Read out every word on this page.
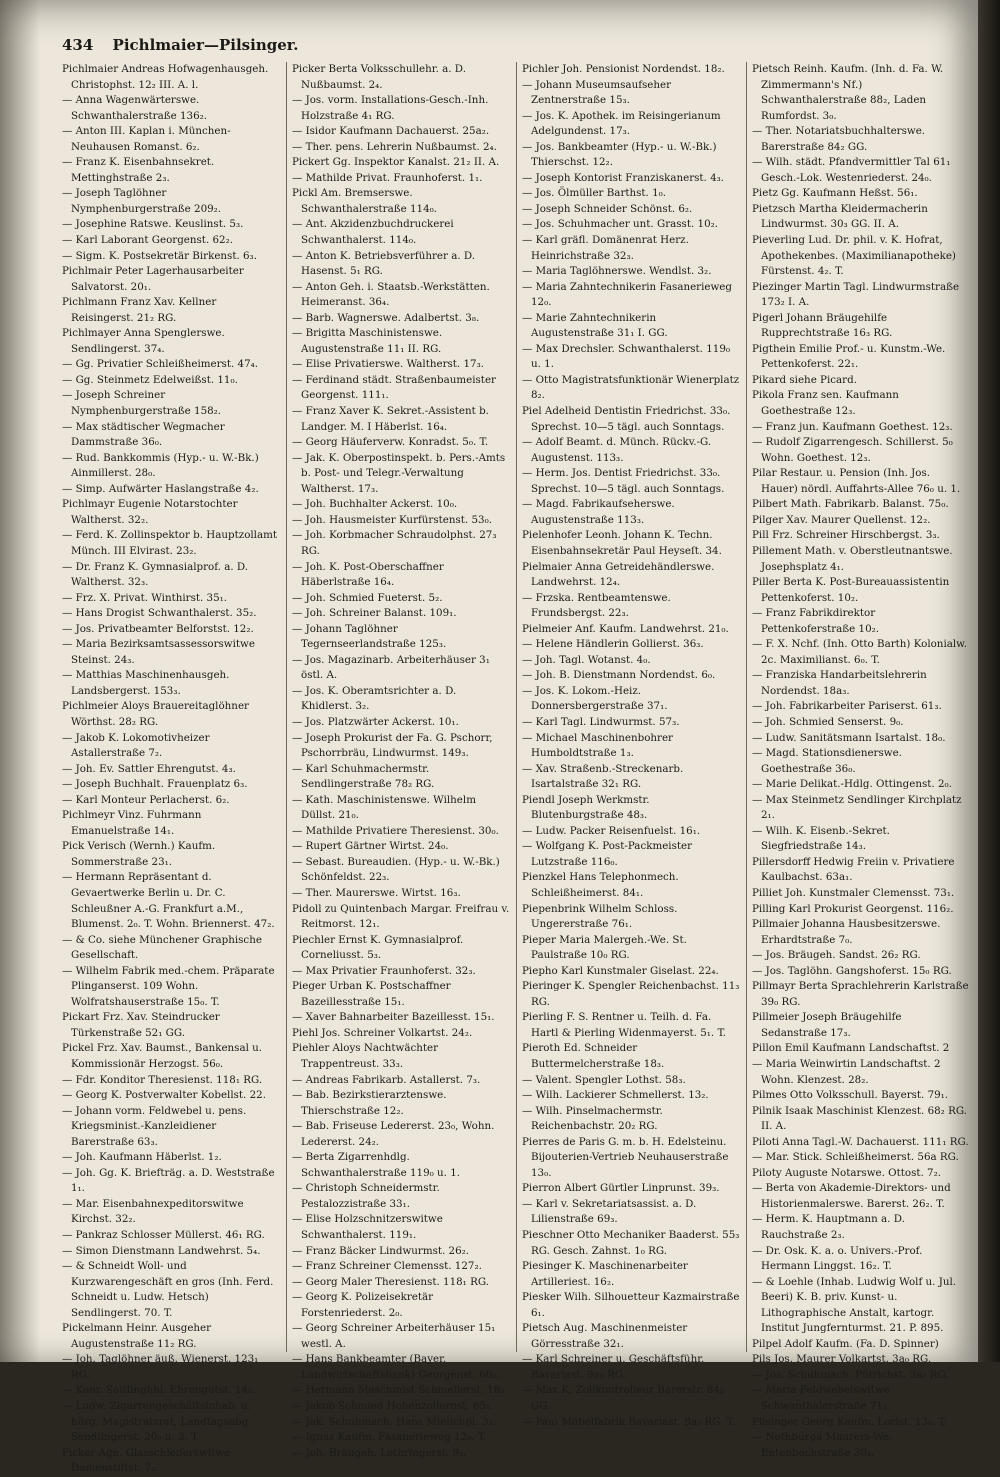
434 Pichlmaier—Pilsinger.

Pichlmaier Andreas Hofwagenhausgeh. Christophst. 12₂ III. A. l.

— Anna Wagenwärterswe. Schwanthalerstraße 136₂.

— Anton III. Kaplan i. München-Neuhausen Romanst. 6₂.

— Franz K. Eisenbahnsekret. Mettinghstraße 2₃.

— Joseph Taglöhner Nymphenburgerstraße 209₂.

— Josephine Ratswe. Keuslinst. 5₃.

— Karl Laborant Georgenst. 62₂.

— Sigm. K. Postsekretär Birkenst. 6₃.

Pichlmair Peter Lagerhausarbeiter Salvatorst. 20₁.

Pichlmann Franz Xav. Kellner Reisingerst. 21₂ RG.

Pichlmayer Anna Spenglerswe. Sendlingerst. 37₄.

— Gg. Privatier Schleißheimerst. 47₄.

— Gg. Steinmetz Edelweißst. 11₀.

— Joseph Schreiner Nymphenburgerstraße 158₂.

— Max städtischer Wegmacher Dammstraße 36₀.

— Rud. Bankkommis (Hyp.- u. W.-Bk.) Ainmillerst. 28₀.

— Simp. Aufwärter Haslangstraße 4₂.

Pichlmayr Eugenie Notarstochter Waltherst. 32₂.

— Ferd. K. Zollinspektor b. Hauptzollamt Münch. III Elvirast. 23₂.

— Dr. Franz K. Gymnasialprof. a. D. Waltherst. 32₃.

— Frz. X. Privat. Winthirst. 35₁.

— Hans Drogist Schwanthalerst. 35₂.

— Jos. Privatbeamter Belforstst. 12₂.

— Maria Bezirksamtsassessorswitwe Steinst. 24₃.

— Matthias Maschinenhausgeh. Landsbergerst. 153₃.

Pichlmeier Aloys Brauereitaglöhner Wörthst. 28₂ RG.

— Jakob K. Lokomotivheizer Astallerstraße 7₂.

— Joh. Ev. Sattler Ehrengutst. 4₃.

— Joseph Buchhalt. Frauenplatz 6₃.

— Karl Monteur Perlacherst. 6₂.

Pichlmeyr Vinz. Fuhrmann Emanuelstraße 14₁.

Pick Verisch (Wernh.) Kaufm. Sommerstraße 23₁.

— Hermann Repräsentant d. Gevaertwerke Berlin u. Dr. C. Schleußner A.-G. Frankfurt a.M., Blumenst. 2₀. T. Wohn. Briennerst. 47₂.

— & Co. siehe Münchener Graphische Gesellschaft.

— Wilhelm Fabrik med.-chem. Präparate Plinganserst. 109 Wohn. Wolfratshauserstraße 15₀. T.

Pickart Frz. Xav. Steindrucker Türkenstraße 52₁ GG.

Pickel Frz. Xav. Baumst., Bankensal u. Kommissionär Herzogst. 56₀.

— Fdr. Konditor Theresienst. 118₁ RG.

— Georg K. Postverwalter Kobellst. 22.

— Johann vorm. Feldwebel u. pens. Kriegsminist.-Kanzleidiener Barerstraße 63₃.

— Joh. Kaufmann Häberlst. 1₂.

— Joh. Gg. K. Briefträg. a. D. Weststraße 1₁.

— Mar. Eisenbahnexpeditorswitwe Kirchst. 32₂.

— Pankraz Schlosser Müllerst. 46₁ RG.

— Simon Dienstmann Landwehrst. 5₄.

— & Schneidt Woll- und Kurzwarengeschäft en gros (Inh. Ferd. Schneidt u. Ludw. Hetsch) Sendlingerst. 70. T.

Pickelmann Heinr. Ausgeher Augustenstraße 11₂ RG.

— Joh. Taglöhner äuß. Wienerst. 123₁ RG.

— Konr. Saitlinghbl. Ehrengutst. 14₂.

— Ludw. Zigarrengeschäftsinhab. u. bürg. Magistratsrat, Landtagsabg. Sendlingerst. 20₀ u. 3. T.

Picker Agn. Glasschleiferswitwe Damenstiftst. 7₃.

Picker Berta Volksschullehr. a. D. Nußbaumst. 2₄.

— Jos. vorm. Installations-Gesch.-Inh. Holzstraße 4₁ RG.

— Isidor Kaufmann Dachauerst. 25a₂.

— Ther. pens. Lehrerin Nußbaumst. 2₄.

Pickert Gg. Inspektor Kanalst. 21₂ II. A.

— Mathilde Privat. Fraunhoferst. 1₁.

Pickl Am. Bremserswe. Schwanthalerstraße 114₀.

— Ant. Akzidenzbuchdruckerei Schwanthalerst. 114₀.

— Anton K. Betriebsverführer a. D. Hasenst. 5₁ RG.

— Anton Geh. i. Staatsb.-Werkstätten. Heimeranst. 36₄.

— Barb. Wagnerswe. Adalbertst. 3₈.

— Brigitta Maschinistenswe. Augustenstraße 11₁ II. RG.

— Elise Privatierswe. Waltherst. 17₃.

— Ferdinand städt. Straßenbaumeister Georgenst. 111₁.

— Franz Xaver K. Sekret.-Assistent b. Landger. M. I Häberlst. 16₄.

— Georg Häuferverw. Konradst. 5₀. T.

— Jak. K. Oberpostinspekt. b. Pers.-Amts b. Post- und Telegr.-Verwaltung Waltherst. 17₃.

— Joh. Buchhalter Ackerst. 10₀.

— Joh. Hausmeister Kurfürstenst. 53₀.

— Joh. Korbmacher Schraudolphst. 27₃ RG.

— Joh. K. Post-Oberschaffner Häberlstraße 16₄.

— Joh. Schmied Fueterst. 5₂.

— Joh. Schreiner Balanst. 109₁.

— Johann Taglöhner Tegernseerlandstraße 125₃.

— Jos. Magazinarb. Arbeiterhäuser 3₁ östl. A.

— Jos. K. Oberamtsrichter a. D. Khidlerst. 3₂.

— Jos. Platzwärter Ackerst. 10₁.

— Joseph Prokurist der Fa. G. Pschorr, Pschorrbräu, Lindwurmst. 149₃.

— Karl Schuhmachermstr. Sendlingerstraße 78₂ RG.

— Kath. Maschinistenswe. Wilhelm Düllst. 21₀.

— Mathilde Privatiere Theresienst. 30₀.

— Rupert Gärtner Wirtst. 24₀.

— Sebast. Bureaudien. (Hyp.- u. W.-Bk.) Schönfeldst. 22₃.

— Ther. Maurerswe. Wirtst. 16₃.

Pidoll zu Quintenbach Margar. Freifrau v. Reitmorst. 12₁.

Piechler Ernst K. Gymnasialprof. Corneliusst. 5₃.

— Max Privatier Fraunhoferst. 32₃.

Pieger Urban K. Postschaffner Bazeillesstraße 15₁.

— Xaver Bahnarbeiter Bazeillesst. 15₁.

Piehl Jos. Schreiner Volkartst. 24₂.

Piehler Aloys Nachtwächter Trappentreust. 33₃.

— Andreas Fabrikarb. Astallerst. 7₃.

— Bab. Bezirkstierarztenswe. Thierschstraße 12₂.

— Bab. Friseuse Ledererst. 23₀, Wohn. Ledererst. 24₂.

— Berta Zigarrenhdlg. Schwanthalerstraße 119₀ u. 1.

— Christoph Schneidermstr. Pestalozzistraße 33₁.

— Elise Holzschnitzerswitwe Schwanthalerst. 119₁.

— Franz Bäcker Lindwurmst. 26₂.

— Franz Schreiner Clemensst. 127₂.

— Georg Maler Theresienst. 118₁ RG.

— Georg K. Polizeisekretär Forstenriederst. 2₀.

— Georg Schreiner Arbeiterhäuser 15₁ westl. A.

— Hans Bankbeamter (Bayer. Landwirtschaftsbank) Georgenst. 60₃.

— Hermann Maschinist Schmellerst. 18₃.

— Jakob Schmied Hohenzollernst. 65₁.

— Jak. Schuhmach. Hans Mielichpl. 3₃.

— Ignaz Kaufm. Fasanerieweg 12₀. T.

— Joh. Bräugeh. Lothringerst. 9₂.

Pichler Joh. Pensionist Nordendst. 18₂.

— Johann Museumsaufseher Zentnerstraße 15₃.

— Jos. K. Apothek. im Reisingerianum Adelgundenst. 17₃.

— Jos. Bankbeamter (Hyp.- u. W.-Bk.) Thierschst. 12₂.

— Joseph Kontorist Franziskanerst. 4₃.

— Jos. Ölmüller Barthst. 1₀.

— Joseph Schneider Schönst. 6₂.

— Jos. Schuhmacher unt. Grasst. 10₂.

— Karl gräfl. Domänenrat Herz. Heinrichstraße 32₃.

— Maria Taglöhnerswe. Wendlst. 3₂.

— Maria Zahntechnikerin Fasanerieweg 12₀.

— Marie Zahntechnikerin Augustenstraße 31₁ I. GG.

— Max Drechsler. Schwanthalerst. 119₀ u. 1.

— Otto Magistratsfunktionär Wienerplatz 8₂.

Piel Adelheid Dentistin Friedrichst. 33₀. Sprechst. 10—5 tägl. auch Sonntags.

— Adolf Beamt. d. Münch. Rückv.-G. Augustenst. 113₃.

— Herm. Jos. Dentist Friedrichst. 33₀. Sprechst. 10—5 tägl. auch Sonntags.

— Magd. Fabrikaufseherswe. Augustenstraße 113₃.

Pielenhofer Leonh. Johann K. Techn. Eisenbahnsekretär Paul Heyseſt. 34.

Pielmaier Anna Getreidehändlerswe. Landwehrst. 12₄.

— Frzska. Rentbeamtenswe. Frundsbergst. 22₃.

Pielmeier Anf. Kaufm. Landwehrst. 21₀.

— Helene Händlerin Gollierst. 36₃.

— Joh. Tagl. Wotanst. 4₀.

— Joh. B. Dienstmann Nordendst. 6₀.

— Jos. K. Lokom.-Heiz. Donnersbergerstraße 37₁.

— Karl Tagl. Lindwurmst. 57₃.

— Michael Maschinenbohrer Humboldtstraße 1₃.

— Xav. Straßenb.-Streckenarb. Isartalstraße 32₁ RG.

Piendl Joseph Werkmstr. Blutenburgstraße 48₃.

— Ludw. Packer Reisenfuelst. 16₁.

— Wolfgang K. Post-Packmeister Lutzstraße 116₀.

Pienzkel Hans Telephonmech. Schleißheimerst. 84₁.

Piepenbrink Wilhelm Schloss. Ungererstraße 76₁.

Pieper Maria Malergeh.-We. St. Paulstraße 10₀ RG.

Piepho Karl Kunstmaler Giselast. 22₄.

Pieringer K. Spengler Reichenbachst. 11₃ RG.

Pierling F. S. Rentner u. Teilh. d. Fa. Hartl & Pierling Widenmayerst. 5₁. T.

Pieroth Ed. Schneider Buttermelcherstraße 18₃.

— Valent. Spengler Lothst. 58₃.

— Wilh. Lackierer Schmellerst. 13₂.

— Wilh. Pinselmachermstr. Reichenbachstr. 20₂ RG.

Pierres de Paris G. m. b. H. Edelsteinu. Bijouterien-Vertrieb Neuhauserstraße 13₀.

Pierron Albert Gürtler Linprunst. 39₃.

— Karl v. Sekretariatsassist. a. D. Lilienstraße 69₃.

Pieschner Otto Mechaniker Baaderst. 55₃ RG. Gesch. Zahnst. 1₀ RG.

Piesinger K. Maschinenarbeiter Artilleriest. 16₂.

Piesker Wilh. Silhouetteur Kazmairstraße 6₁.

Pietsch Aug. Maschinenmeister Görresstraße 32₁.

— Karl Schreiner u. Geschäftsführ. Bavariast. 9a₃ RG.

— Max K. Zollkontrolleur Barerstr. 84₂ GG.

— Paul Möbelfabrik Bavariast. 9a₂ RG. T.

Pietsch Reinh. Kaufm. (Inh. d. Fa. W. Zimmermann's Nf.) Schwanthalerstraße 88₂, Laden Rumfordst. 3₀.

— Ther. Notariatsbuchhalterswe. Barerstraße 84₂ GG.

— Wilh. städt. Pfandvermittler Tal 61₁ Gesch.-Lok. Westenriederst. 24₀.

Pietz Gg. Kaufmann Heßst. 56₁.

Pietzsch Martha Kleidermacherin Lindwurmst. 30₃ GG. II. A.

Pieverling Lud. Dr. phil. v. K. Hofrat, Apothekenbes. (Maximilianapotheke) Fürstenst. 4₂. T.

Piezinger Martin Tagl. Lindwurmstraße 173₂ I. A.

Pigerl Johann Bräugehilfe Rupprechtstraße 16₃ RG.

Pigthein Emilie Prof.- u. Kunstm.-We. Pettenkoferst. 22₁.

Pikard siehe Picard.

Pikola Franz sen. Kaufmann Goethestraße 12₃.

— Franz jun. Kaufmann Goethest. 12₃.

— Rudolf Zigarrengesch. Schillerst. 5₀ Wohn. Goethest. 12₃.

Pilar Restaur. u. Pension (Inh. Jos. Hauer) nördl. Auffahrts-Allee 76₀ u. 1.

Pilbert Math. Fabrikarb. Balanst. 75₀.

Pilger Xav. Maurer Quellenst. 12₂.

Pill Frz. Schreiner Hirschbergst. 3₃.

Pillement Math. v. Oberstleutnantswe. Josephsplatz 4₁.

Piller Berta K. Post-Bureauassistentin Pettenkoferst. 10₂.

— Franz Fabrikdirektor Pettenkoferstraße 10₂.

— F. X. Nchf. (Inh. Otto Barth) Kolonialw. 2c. Maximilianst. 6₀. T.

— Franziska Handarbeitslehrerin Nordendst. 18a₃.

— Joh. Fabrikarbeiter Pariserst. 61₃.

— Joh. Schmied Senserst. 9₀.

— Ludw. Sanitätsmann Isartalst. 18₀.

— Magd. Stationsdienerswe. Goethestraße 36₀.

— Marie Delikat.-Hdlg. Ottingenst. 2₀.

— Max Steinmetz Sendlinger Kirchplatz 2₁.

— Wilh. K. Eisenb.-Sekret. Siegfriedstraße 14₃.

Pillersdorff Hedwig Freiin v. Privatiere Kaulbachst. 63a₁.

Pilliet Joh. Kunstmaler Clemensst. 73₁.

Pilling Karl Prokurist Georgenst. 116₂.

Pillmaier Johanna Hausbesitzerswe. Erhardtstraße 7₀.

— Jos. Bräugeh. Sandst. 26₂ RG.

— Jos. Taglöhn. Gangshoferst. 15₀ RG.

Pillmayr Berta Sprachlehrerin Karlstraße 39₀ RG.

Pillmeier Joseph Bräugehilfe Sedanstraße 17₃.

Pillon Emil Kaufmann Landschaftst. 2

— Maria Weinwirtin Landschaftst. 2 Wohn. Klenzest. 28₂.

Pilmes Otto Volksschull. Bayerst. 79₁.

Pilnik Isaak Maschinist Klenzest. 68₂ RG. II. A.

Piloti Anna Tagl.-W. Dachauerst. 111₁ RG.

— Mar. Stick. Schleißheimerst. 56a RG.

Piloty Auguste Notarswe. Ottost. 7₂.

— Berta von Akademie-Direktors- und Historienmalerswe. Barerst. 26₂. T.

— Herm. K. Hauptmann a. D. Rauchstraße 2₃.

— Dr. Osk. K. a. o. Univers.-Prof. Hermann Linggst. 16₂. T.

— & Loehle (Inhab. Ludwig Wolf u. Jul. Beeri) K. B. priv. Kunst- u. Lithographische Anstalt, kartogr. Institut Jungfernturmst. 21. P. 895.

Pilpel Adolf Kaufm. (Fa. D. Spinner)

Pils Jos. Maurer Volkartst. 3a₀ RG.

— Jos. Schuhmach. Pütrichst. 3a₀ RG.

— Maria Feldwebelswitwe Schwanthalerstraße 71₁.

Pilsinger Georg Kaufm. Lorist. 13₀. T.

— Nothburga Maurers-We. Entenbachstraße 30₄.
